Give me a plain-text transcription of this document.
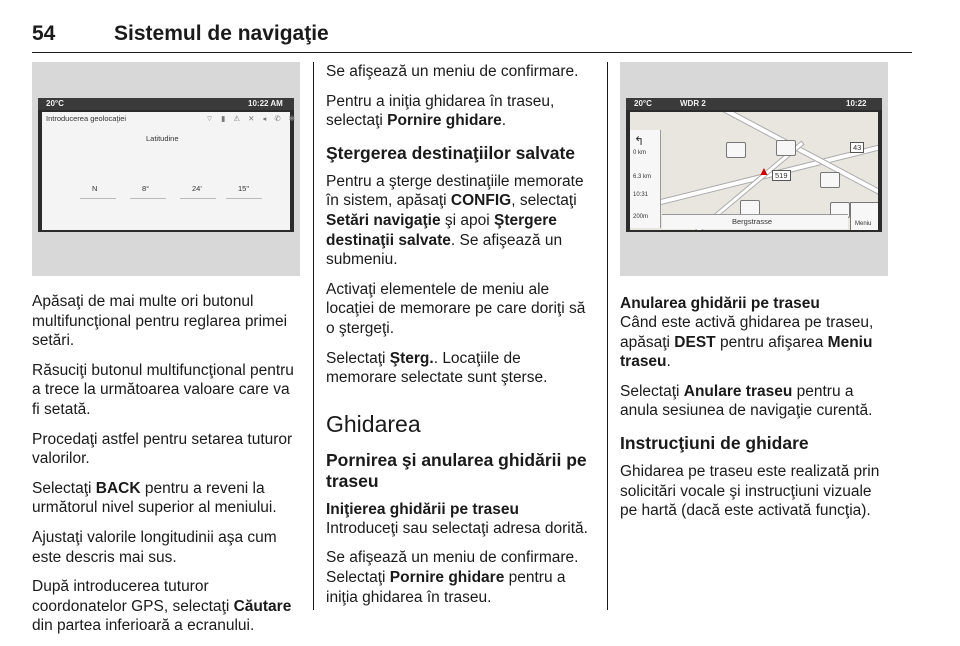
54	Sistemul de navigaţie
20°C	10:22 AM
Introducerea geolocaţiei	⌔ ▮ ⚠ ✕ ◂ ✆ ✱
Latitudine
N	8°	24'	15"

Apăsaţi de mai multe ori butonul multifuncţional pentru reglarea primei setări.

Răsuciţi butonul multifuncţional pentru a trece la următoarea valoare care va fi setată.

Procedaţi astfel pentru setarea tuturor valorilor.

Selectaţi BACK pentru a reveni la următorul nivel superior al meniului.

Ajustaţi valorile longitudinii aşa cum este descris mai sus.

După introducerea tuturor coordonatelor GPS, selectaţi Căutare din partea inferioară a ecranului.

Se afişează un meniu de confirmare.

Pentru a iniţia ghidarea în traseu, selectaţi Pornire ghidare.

Ştergerea destinaţiilor salvate

Pentru a şterge destinaţiile memorate în sistem, apăsaţi CONFIG, selectaţi Setări navigaţie şi apoi Ştergere destinaţii salvate. Se afişează un submeniu.

Activaţi elementele de meniu ale locaţiei de memorare pe care doriţi să o ştergeţi.

Selectaţi Şterg.. Locaţiile de memorare selectate sunt şterse.

Ghidarea
Pornirea şi anularea ghidării pe traseu
Iniţierea ghidării pe traseu

Introduceţi sau selectaţi adresa dorită.

Se afişează un meniu de confirmare. Selectaţi Pornire ghidare pentru a iniţia ghidarea în traseu.

20°C	WDR 2	10:22
519
43
▲
↰
0 km
6.3 km
10:31
200m	Bergstrasse	Meniu
Anularea ghidării pe traseu

Când este activă ghidarea pe traseu, apăsaţi DEST pentru afişarea Meniu traseu.

Selectaţi Anulare traseu pentru a anula sesiunea de navigaţie curentă.

Instrucţiuni de ghidare

Ghidarea pe traseu este realizată prin solicitări vocale şi instrucţiuni vizuale pe hartă (dacă este activată funcţia).
